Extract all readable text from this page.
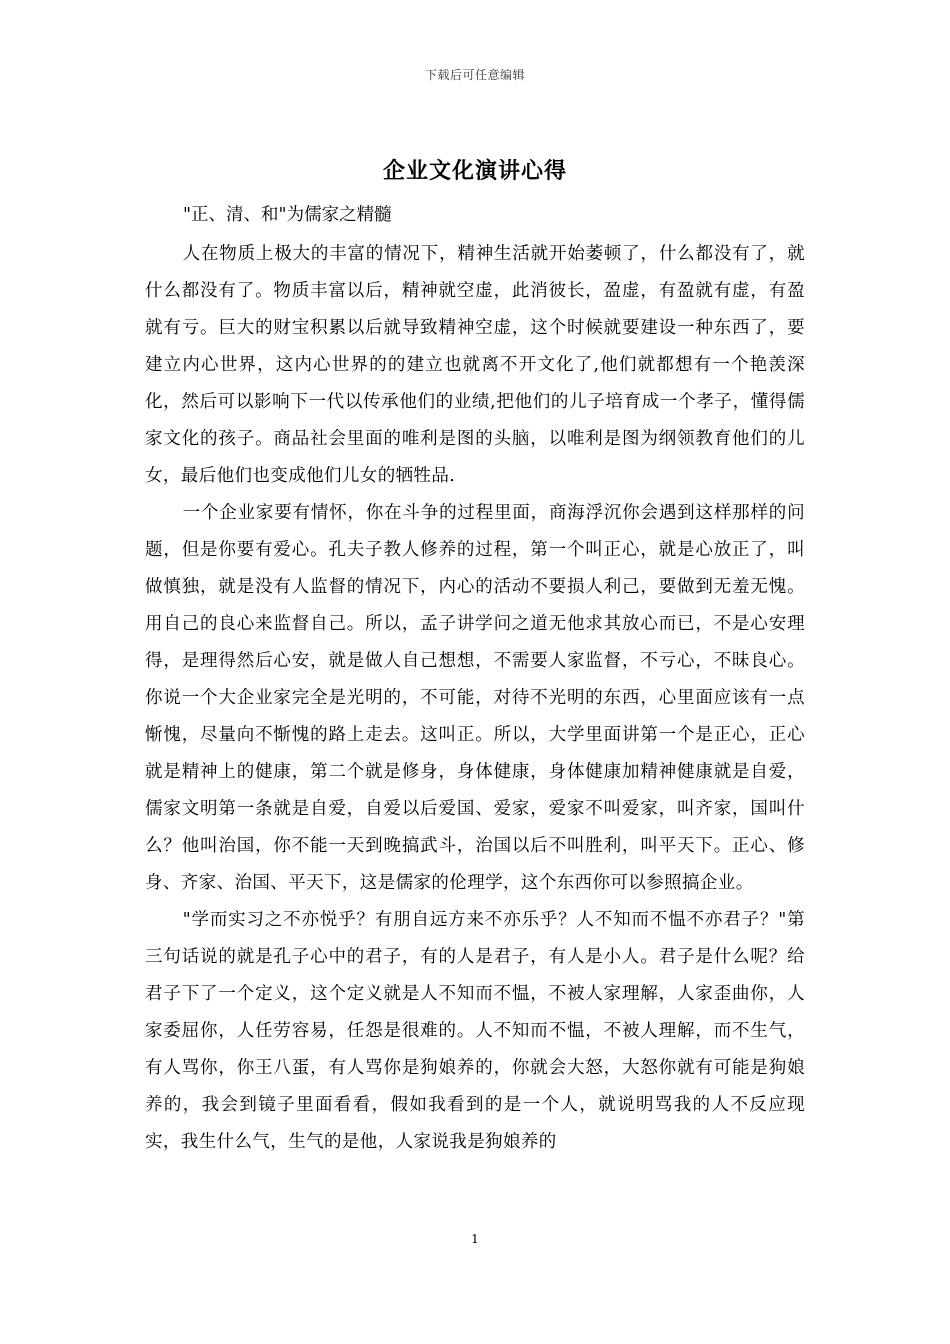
下载后可任意编辑
企业文化演讲心得
"正、清、和"为儒家之精髓

人在物质上极大的丰富的情况下，精神生活就开始萎顿了，什么都没有了，就什么都没有了。物质丰富以后，精神就空虚，此消彼长，盈虚，有盈就有虚，有盈就有亏。巨大的财宝积累以后就导致精神空虚，这个时候就要建设一种东西了，要建立内心世界，这内心世界的的建立也就离不开文化了,他们就都想有一个艳羡深化，然后可以影响下一代以传承他们的业绩,把他们的儿子培育成一个孝子，懂得儒家文化的孩子。商品社会里面的唯利是图的头脑，以唯利是图为纲领教育他们的儿女，最后他们也变成他们儿女的牺牲品.

一个企业家要有情怀，你在斗争的过程里面，商海浮沉你会遇到这样那样的问题，但是你要有爱心。孔夫子教人修养的过程，第一个叫正心，就是心放正了，叫做慎独，就是没有人监督的情况下，内心的活动不要损人利己，要做到无羞无愧。用自己的良心来监督自己。所以，孟子讲学问之道无他求其放心而已，不是心安理得，是理得然后心安，就是做人自己想想，不需要人家监督，不亏心，不昧良心。你说一个大企业家完全是光明的，不可能，对待不光明的东西，心里面应该有一点惭愧，尽量向不惭愧的路上走去。这叫正。所以，大学里面讲第一个是正心，正心就是精神上的健康，第二个就是修身，身体健康，身体健康加精神健康就是自爱，儒家文明第一条就是自爱，自爱以后爱国、爱家，爱家不叫爱家，叫齐家，国叫什么？他叫治国，你不能一天到晚搞武斗，治国以后不叫胜利，叫平天下。正心、修身、齐家、治国、平天下，这是儒家的伦理学，这个东西你可以参照搞企业。

"学而实习之不亦悦乎？有朋自远方来不亦乐乎？人不知而不愠不亦君子？"第三句话说的就是孔子心中的君子，有的人是君子，有人是小人。君子是什么呢？给君子下了一个定义，这个定义就是人不知而不愠，不被人家理解，人家歪曲你，人家委屈你，人任劳容易，任怨是很难的。人不知而不愠，不被人理解，而不生气，有人骂你，你王八蛋，有人骂你是狗娘养的，你就会大怒，大怒你就有可能是狗娘养的，我会到镜子里面看看，假如我看到的是一个人，就说明骂我的人不反应现实，我生什么气，生气的是他，人家说我是狗娘养的

1
